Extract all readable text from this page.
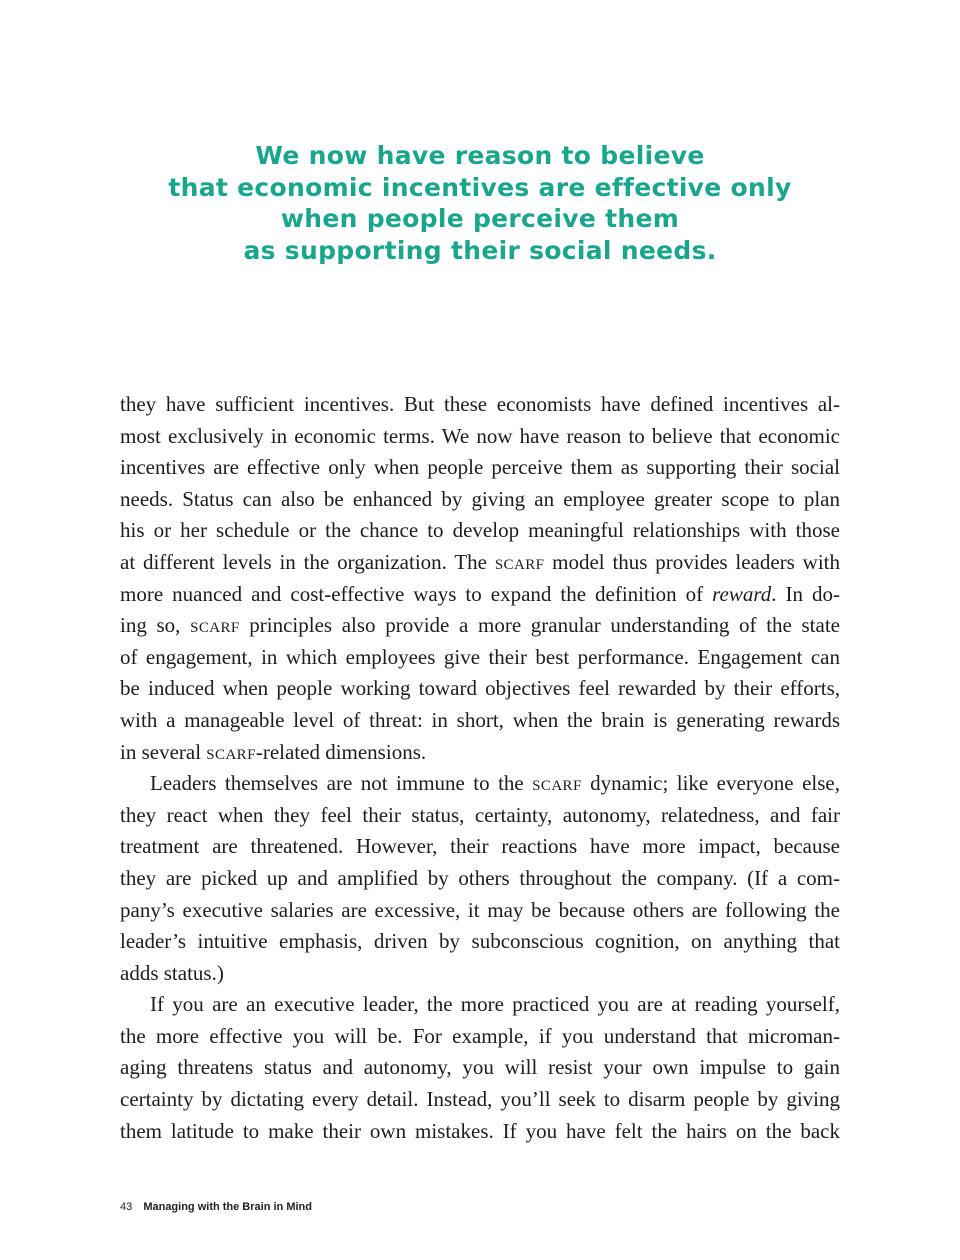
We now have reason to believe
that economic incentives are effective only
when people perceive them
as supporting their social needs.
they have sufficient incentives. But these economists have defined incentives al-
most exclusively in economic terms. We now have reason to believe that economic
incentives are effective only when people perceive them as supporting their social
needs. Status can also be enhanced by giving an employee greater scope to plan
his or her schedule or the chance to develop meaningful relationships with those
at different levels in the organization. The SCARF model thus provides leaders with
more nuanced and cost-effective ways to expand the definition of reward. In do-
ing so, SCARF principles also provide a more granular understanding of the state
of engagement, in which employees give their best performance. Engagement can
be induced when people working toward objectives feel rewarded by their efforts,
with a manageable level of threat: in short, when the brain is generating rewards
in several SCARF-related dimensions.
Leaders themselves are not immune to the SCARF dynamic; like everyone else,
they react when they feel their status, certainty, autonomy, relatedness, and fair
treatment are threatened. However, their reactions have more impact, because
they are picked up and amplified by others throughout the company. (If a com-
pany’s executive salaries are excessive, it may be because others are following the
leader’s intuitive emphasis, driven by subconscious cognition, on anything that
adds status.)
If you are an executive leader, the more practiced you are at reading yourself,
the more effective you will be. For example, if you understand that microman-
aging threatens status and autonomy, you will resist your own impulse to gain
certainty by dictating every detail. Instead, you’ll seek to disarm people by giving
them latitude to make their own mistakes. If you have felt the hairs on the back
43 Managing with the Brain in Mind
